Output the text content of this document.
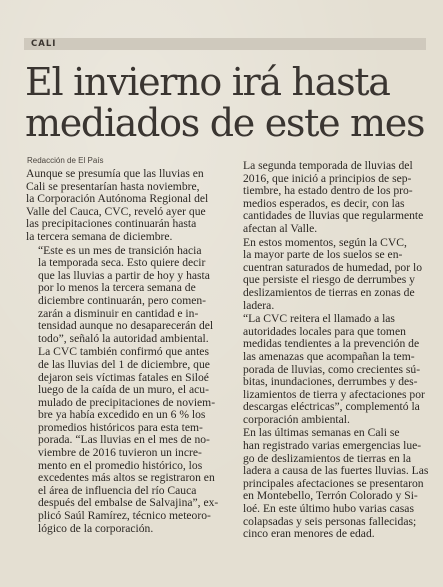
CALI
El invierno irá hasta
mediados de este mes
Redacción de El País

Aunque se presumía que las lluvias en
Cali se presentarían hasta noviembre,
la Corporación Autónoma Regional del
Valle del Cauca, CVC, reveló ayer que
las precipitaciones continuarán hasta
la tercera semana de diciembre.

“Este es un mes de transición hacia
la temporada seca. Esto quiere decir
que las lluvias a partir de hoy y hasta
por lo menos la tercera semana de
diciembre continuarán, pero comen-
zarán a disminuir en cantidad e in-
tensidad aunque no desaparecerán del
todo”, señaló la autoridad ambiental.

La CVC también confirmó que antes
de las lluvias del 1 de diciembre, que
dejaron seis víctimas fatales en Siloé
luego de la caída de un muro, el acu-
mulado de precipitaciones de noviem-
bre ya había excedido en un 6 % los
promedios históricos para esta tem-
porada. “Las lluvias en el mes de no-
viembre de 2016 tuvieron un incre-
mento en el promedio histórico, los
excedentes más altos se registraron en
el área de influencia del río Cauca
después del embalse de Salvajina”, ex-
plicó Saúl Ramírez, técnico meteoro-
lógico de la corporación.

La segunda temporada de lluvias del
2016, que inició a principios de sep-
tiembre, ha estado dentro de los pro-
medios esperados, es decir, con las
cantidades de lluvias que regularmente
afectan al Valle.

En estos momentos, según la CVC,
la mayor parte de los suelos se en-
cuentran saturados de humedad, por lo
que persiste el riesgo de derrumbes y
deslizamientos de tierras en zonas de
ladera.

“La CVC reitera el llamado a las
autoridades locales para que tomen
medidas tendientes a la prevención de
las amenazas que acompañan la tem-
porada de lluvias, como crecientes sú-
bitas, inundaciones, derrumbes y des-
lizamientos de tierra y afectaciones por
descargas eléctricas”, complementó la
corporación ambiental.

En las últimas semanas en Cali se
han registrado varias emergencias lue-
go de deslizamientos de tierras en la
ladera a causa de las fuertes lluvias. Las
principales afectaciones se presentaron
en Montebello, Terrón Colorado y Si-
loé. En este último hubo varias casas
colapsadas y seis personas fallecidas;
cinco eran menores de edad.
